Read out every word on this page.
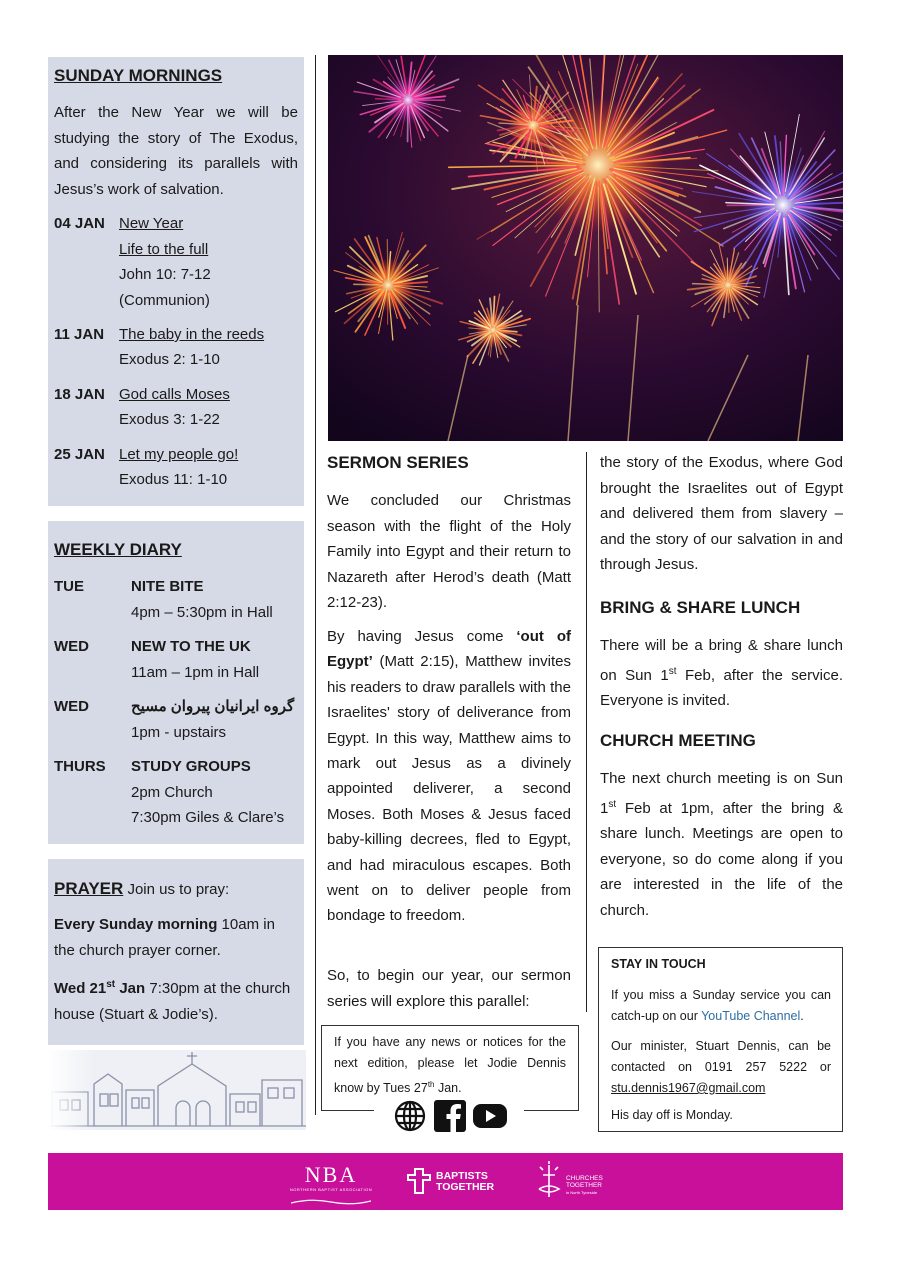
SUNDAY MORNINGS
After the New Year we will be studying the story of The Exodus, and considering its parallels with Jesus’s work of salvation.
04 JAN New Year
Life to the full
John 10: 7-12
(Communion)
11 JAN The baby in the reeds
Exodus 2: 1-10
18 JAN God calls Moses
Exodus 3: 1-22
25 JAN Let my people go!
Exodus 11: 1-10
WEEKLY DIARY
TUE	NITE BITE
4pm – 5:30pm in Hall
WED	NEW TO THE UK
11am – 1pm in Hall
WED	گروه ایرانیان پیروان مسیح
1pm - upstairs
THURS STUDY GROUPS
2pm Church
7:30pm Giles & Clare’s
PRAYER Join us to pray:
Every Sunday morning 10am in the church prayer corner.
Wed 21st Jan 7:30pm at the church house (Stuart & Jodie’s).
SERMON SERIES
We concluded our Christmas season with the flight of the Holy Family into Egypt and their return to Nazareth after Herod’s death (Matt 2:12-23).
By having Jesus come ‘out of Egypt’ (Matt 2:15), Matthew invites his readers to draw parallels with the Israelites' story of deliverance from Egypt. In this way, Matthew aims to mark out Jesus as a divinely appointed deliverer, a second Moses. Both Moses & Jesus faced baby-killing decrees, fled to Egypt, and had miraculous escapes. Both went on to deliver people from bondage to freedom.
So, to begin our year, our sermon series will explore this parallel:
If you have any news or notices for the next edition, please let Jodie Dennis know by Tues 27th Jan.
the story of the Exodus, where God brought the Israelites out of Egypt and delivered them from slavery – and the story of our salvation in and through Jesus.
BRING & SHARE LUNCH
There will be a bring & share lunch on Sun 1st Feb, after the service. Everyone is invited.
CHURCH MEETING
The next church meeting is on Sun 1st Feb at 1pm, after the bring & share lunch. Meetings are open to everyone, so do come along if you are interested in the life of the church.
STAY IN TOUCH
If you miss a Sunday service you can catch-up on our YouTube Channel.
Our minister, Stuart Dennis, can be contacted on 0191 257 5222 or stu.dennis1967@gmail.com
His day off is Monday.
NBA
NORTHERN BAPTIST ASSOCIATION
BAPTISTS
TOGETHER
CHURCHES
TOGETHER
in North Tyneside
